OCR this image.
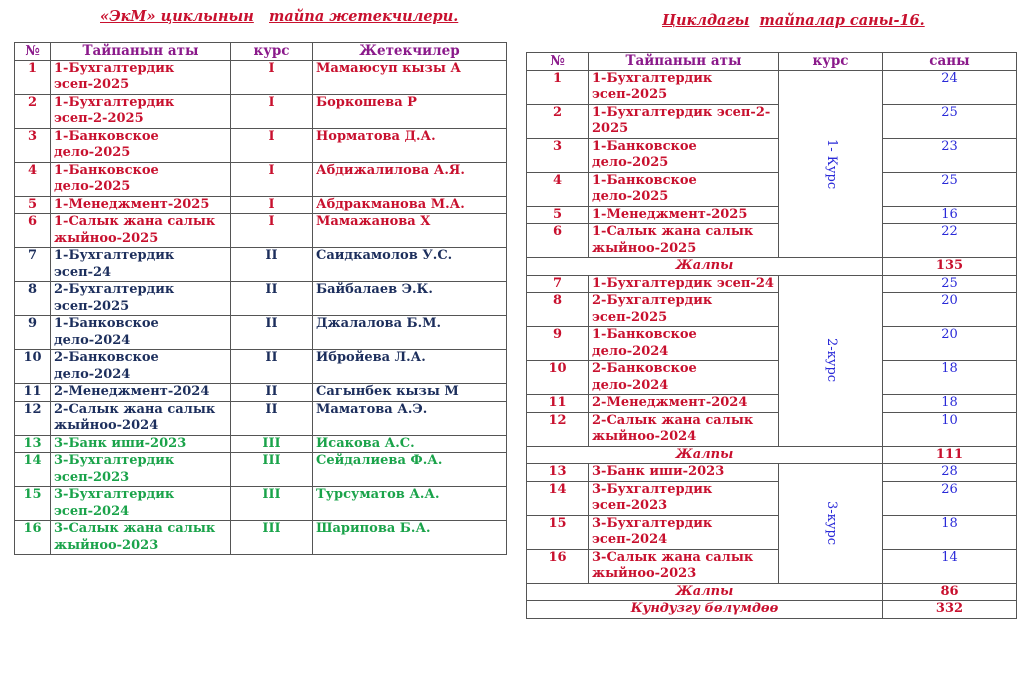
«ЭкМ» циклынын тайпа жетекчилери.	Циклдагы тайпалар саны-16.
№	Тайпанын аты	курс	Жетекчилер
1	1-Бухгалтердик эсеп-2025	I	Мамаюсуп кызы А
2	1-Бухгалтердик эсеп-2-2025	I	Боркошева Р
3	1-Банковское дело-2025	I	Норматова Д.А.
4	1-Банковское дело-2025	I	Абдижалилова А.Я.
5	1-Менеджмент-2025	I	Абдракманова М.А.
6	1-Салык жана салык жыйноо-2025	I	Мамажанова Х
7	1-Бухгалтердик эсеп-24	II	Саидкамолов У.С.
8	2-Бухгалтердик эсеп-2025	II	Байбалаев Э.К.
9	1-Банковское дело-2024	II	Джалалова Б.М.
10	2-Банковское дело-2024	II	Ибройева Л.А.
11	2-Менеджмент-2024	II	Сагынбек кызы М
12	2-Салык жана салык жыйноо-2024	II	Маматова А.Э.
13	3-Банк иши-2023	III	Исакова А.С.
14	3-Бухгалтердик эсеп-2023	III	Сейдалиева Ф.А.
15	3-Бухгалтердик эсеп-2024	III	Турсуматов А.А.
16	3-Салык жана салык жыйноо-2023	III	Шарипова Б.А.
№	Тайпанын аты	курс	саны
1	1-Бухгалтердик эсеп-2025	1- Курс	24
2	1-Бухгалтердик эсеп-2-2025		25
3	1-Банковское дело-2025		23
4	1-Банковское дело-2025		25
5	1-Менеджмент-2025		16
6	1-Салык жана салык жыйноо-2025		22
Жалпы			135
7	1-Бухгалтердик эсеп-24	2-курс	25
8	2-Бухгалтердик эсеп-2025		20
9	1-Банковское дело-2024		20
10	2-Банковское дело-2024		18
11	2-Менеджмент-2024		18
12	2-Салык жана салык жыйноо-2024		10
Жалпы			111
13	3-Банк иши-2023	3-курс	28
14	3-Бухгалтердик эсеп-2023		26
15	3-Бухгалтердик эсеп-2024		18
16	3-Салык жана салык жыйноо-2023		14
Жалпы			86
Кундузгу бөлүмдөө			332
